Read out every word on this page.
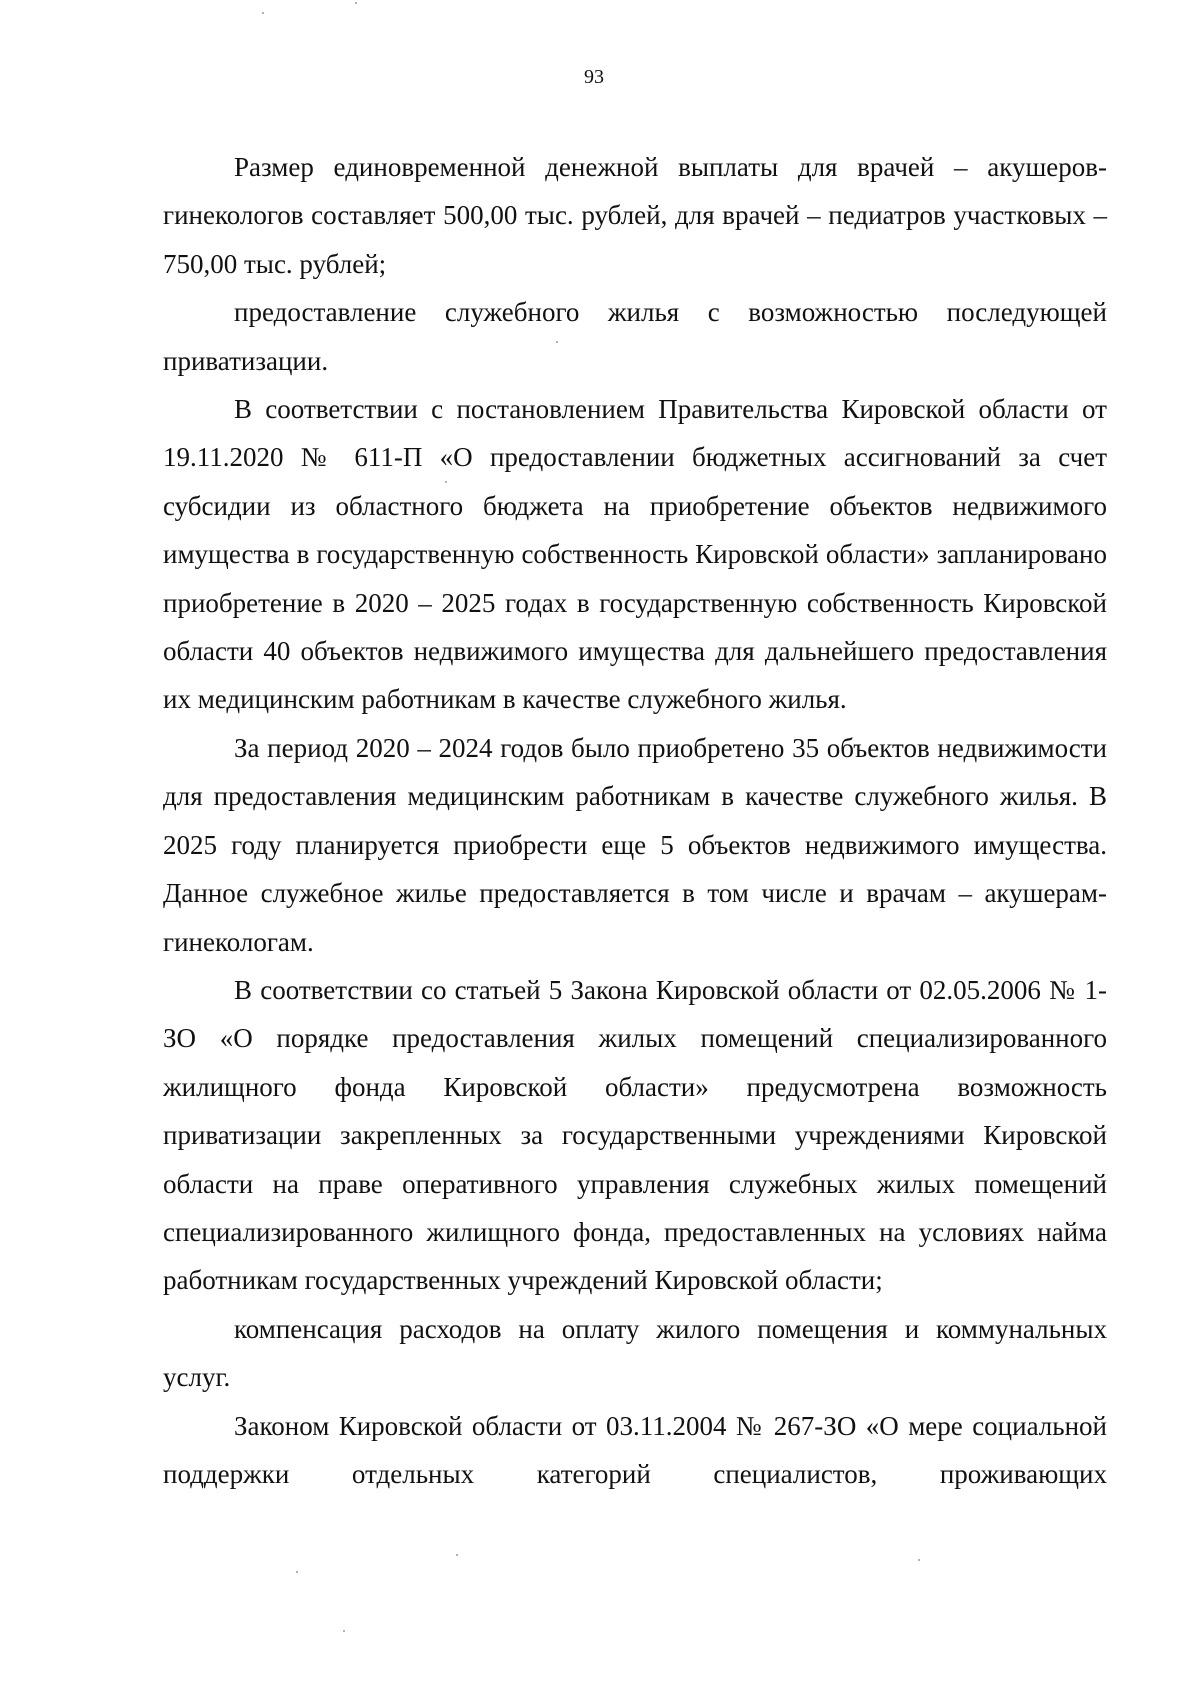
93

Размер единовременной денежной выплаты для врачей – акушеров-гинекологов составляет 500,00 тыс. рублей, для врачей – педиатров участковых – 750,00 тыс. рублей;

предоставление служебного жилья с возможностью последующей приватизации.

В соответствии с постановлением Правительства Кировской области от 19.11.2020 № 611-П «О предоставлении бюджетных ассигнований за счет субсидии из областного бюджета на приобретение объектов недвижимого имущества в государственную собственность Кировской области» запланировано приобретение в 2020 – 2025 годах в государственную собственность Кировской области 40 объектов недвижимого имущества для дальнейшего предоставления их медицинским работникам в качестве служебного жилья.

За период 2020 – 2024 годов было приобретено 35 объектов недвижимости для предоставления медицинским работникам в качестве служебного жилья. В 2025 году планируется приобрести еще 5 объектов недвижимого имущества. Данное служебное жилье предоставляется в том числе и врачам – акушерам-гинекологам.

В соответствии со статьей 5 Закона Кировской области от 02.05.2006 № 1-ЗО «О порядке предоставления жилых помещений специализированного жилищного фонда Кировской области» предусмотрена возможность приватизации закрепленных за государственными учреждениями Кировской области на праве оперативного управления служебных жилых помещений специализированного жилищного фонда, предоставленных на условиях найма работникам государственных учреждений Кировской области;

компенсация расходов на оплату жилого помещения и коммунальных услуг.

Законом Кировской области от 03.11.2004 № 267-ЗО «О мере социальной поддержки отдельных категорий специалистов, проживающих
